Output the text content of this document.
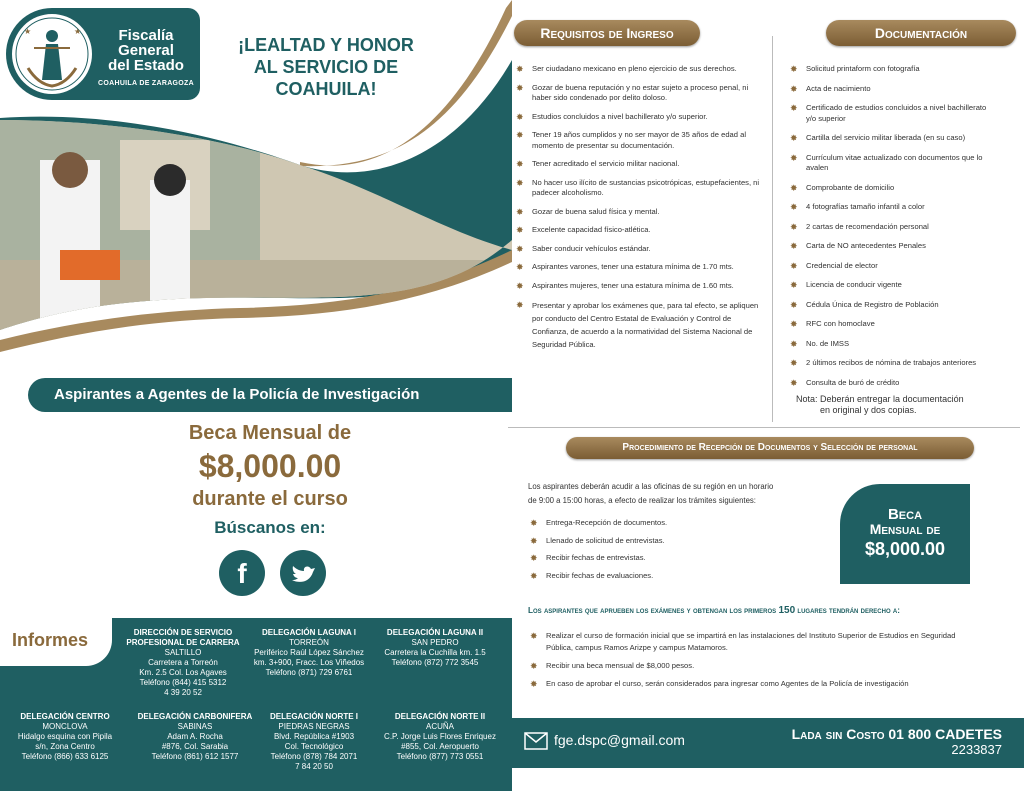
★	★	Fiscalía
General
del Estado
COAHUILA DE ZARAGOZA
¡LEALTAD Y HONOR
AL SERVICIO DE COAHUILA!
Aspirantes a Agentes de la Policía de Investigación
Beca Mensual de
$8,000.00
durante el curso
Búscanos en:
f
Informes	DIRECCIÓN DE SERVICIO PROFESIONAL DE CARRERA
SALTILLO
Carretera a Torreón
Km. 2.5 Col. Los Agaves
Teléfono (844) 415 5312
4 39 20 52
DELEGACIÓN LAGUNA I
TORREÓN
Periférico Raúl López Sánchez
km. 3+900, Fracc. Los Viñedos
Teléfono (871) 729 6761
DELEGACIÓN LAGUNA II
SAN PEDRO
Carretera la Cuchilla km. 1.5
Teléfono (872) 772 3545
DELEGACIÓN CENTRO
MONCLOVA
Hidalgo esquina con Pipila
s/n, Zona Centro
Teléfono (866) 633 6125
DELEGACIÓN CARBONIFERA
SABINAS
Adam A. Rocha
#876, Col. Sarabia
Teléfono (861) 612 1577
DELEGACIÓN NORTE I
PIEDRAS NEGRAS
Blvd. República #1903
Col. Tecnológico
Teléfono (878) 784 2071
7 84 20 50
DELEGACIÓN NORTE II
ACUÑA
C.P. Jorge Luis Flores Enriquez
#855, Col. Aeropuerto
Teléfono (877) 773 0551
Requisitos de Ingreso	Documentación
✸ Ser ciudadano mexicano en pleno ejercicio de sus derechos.
✸ Gozar de buena reputación y no estar sujeto a proceso penal, ni haber sido condenado por delito doloso.
✸ Estudios concluidos a nivel bachillerato y/o superior.
✸ Tener 19 años cumplidos y no ser mayor de 35 años de edad al momento de presentar su documentación.
✸ Tener acreditado el servicio militar nacional.
✸ No hacer uso ilícito de sustancias psicotrópicas, estupefacientes, ni padecer alcoholismo.
✸ Gozar de buena salud física y mental.
✸ Excelente capacidad físico-atlética.
✸ Saber conducir vehículos estándar.
✸ Aspirantes varones, tener una estatura mínima de 1.70 mts.
✸ Aspirantes mujeres, tener una estatura mínima de 1.60 mts.
✸ Presentar y aprobar los exámenes que, para tal efecto, se apliquen por conducto del Centro Estatal de Evaluación y Control de Confianza, de acuerdo a la normatividad del Sistema Nacional de Seguridad Pública.
✸ Solicitud printaform con fotografía
✸ Acta de nacimiento
✸ Certificado de estudios concluidos a nivel bachillerato y/o superior
✸ Cartilla del servicio militar liberada (en su caso)
✸ Currículum vitae actualizado con documentos que lo avalen
✸ Comprobante de domicilio
✸ 4 fotografías tamaño infantil a color
✸ 2 cartas de recomendación personal
✸ Carta de NO antecedentes Penales
✸ Credencial de elector
✸ Licencia de conducir vigente
✸ Cédula Única de Registro de Población
✸ RFC con homoclave
✸ No. de IMSS
✸ 2 últimos recibos de nómina de trabajos anteriores
✸ Consulta de buró de crédito
Nota: Deberán entregar la documentación
en original y dos copias.
Procedimiento de Recepción de Documentos y Selección de personal
Los aspirantes deberán acudir a las oficinas de su región en un horario
de 9:00 a 15:00 horas, a efecto de realizar los trámites siguientes:
✸ Entrega-Recepción de documentos.
✸ Llenado de solicitud de entrevistas.
✸ Recibir fechas de entrevistas.
✸ Recibir fechas de evaluaciones.
Beca
Mensual de
$8,000.00
Los aspirantes que aprueben los exámenes y obtengan los primeros 150 lugares tendrán derecho a:
✸ Realizar el curso de formación inicial que se impartirá en las instalaciones del Instituto Superior de Estudios en Seguridad Pública, campus Ramos Arizpe y campus Matamoros.
✸ Recibir una beca mensual de $8,000 pesos.
✸ En caso de aprobar el curso, serán considerados para ingresar como Agentes de la Policía de investigación
fge.dspc@gmail.com	Lada sin Costo 01 800 CADETES
2233837
